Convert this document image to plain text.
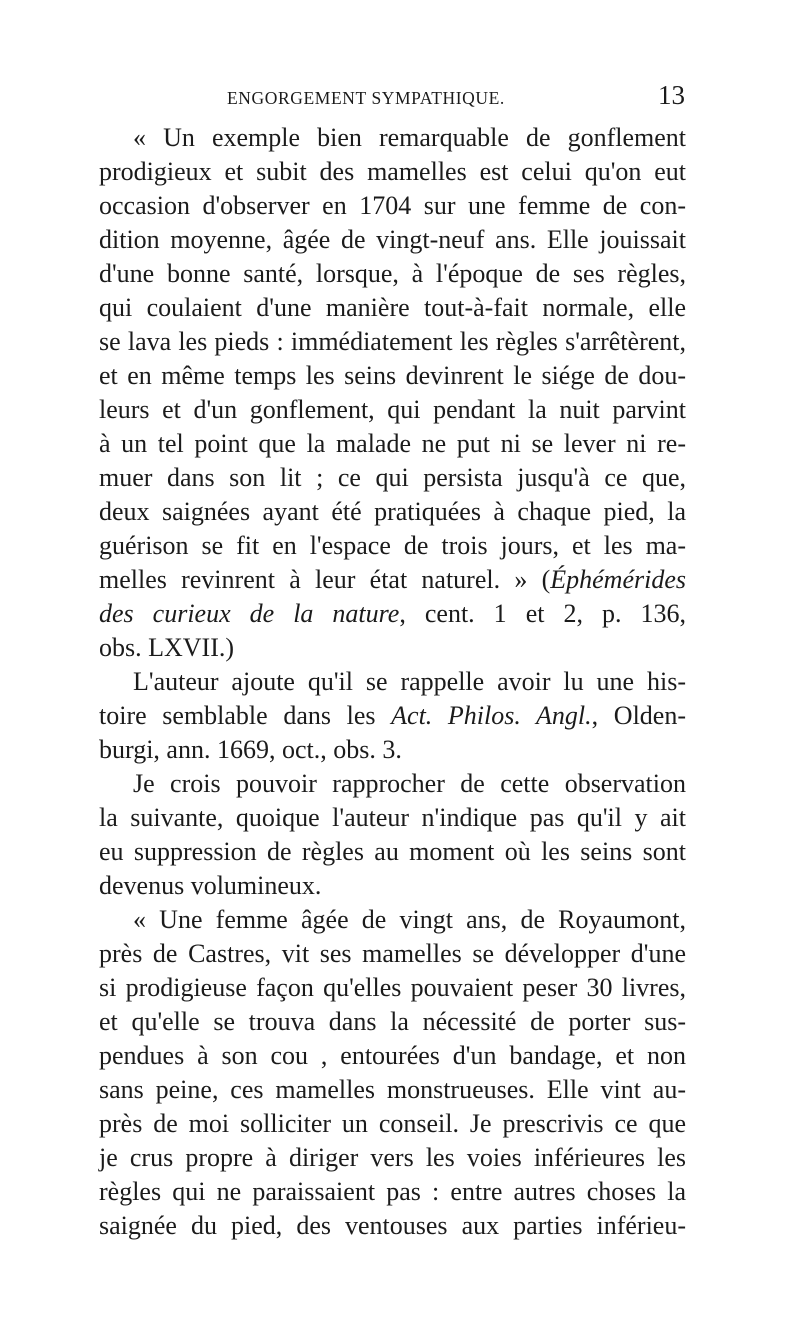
ENGORGEMENT SYMPATHIQUE.	13
« Un exemple bien remarquable de gonflement
prodigieux et subit des mamelles est celui qu'on eut
occasion d'observer en 1704 sur une femme de con-
dition moyenne, âgée de vingt-neuf ans. Elle jouissait
d'une bonne santé, lorsque, à l'époque de ses règles,
qui coulaient d'une manière tout-à-fait normale, elle
se lava les pieds : immédiatement les règles s'arrêtèrent,
et en même temps les seins devinrent le siége de dou-
leurs et d'un gonflement, qui pendant la nuit parvint
à un tel point que la malade ne put ni se lever ni re-
muer dans son lit ; ce qui persista jusqu'à ce que,
deux saignées ayant été pratiquées à chaque pied, la
guérison se fit en l'espace de trois jours, et les ma-
melles revinrent à leur état naturel. » (Éphémérides
des curieux de la nature, cent. 1 et 2, p. 136,
obs. LXVII.)
L'auteur ajoute qu'il se rappelle avoir lu une his-
toire semblable dans les Act. Philos. Angl., Olden-
burgi, ann. 1669, oct., obs. 3.
Je crois pouvoir rapprocher de cette observation
la suivante, quoique l'auteur n'indique pas qu'il y ait
eu suppression de règles au moment où les seins sont
devenus volumineux.
« Une femme âgée de vingt ans, de Royaumont,
près de Castres, vit ses mamelles se développer d'une
si prodigieuse façon qu'elles pouvaient peser 30 livres,
et qu'elle se trouva dans la nécessité de porter sus-
pendues à son cou , entourées d'un bandage, et non
sans peine, ces mamelles monstrueuses. Elle vint au-
près de moi solliciter un conseil. Je prescrivis ce que
je crus propre à diriger vers les voies inférieures les
règles qui ne paraissaient pas : entre autres choses la
saignée du pied, des ventouses aux parties inférieu-
